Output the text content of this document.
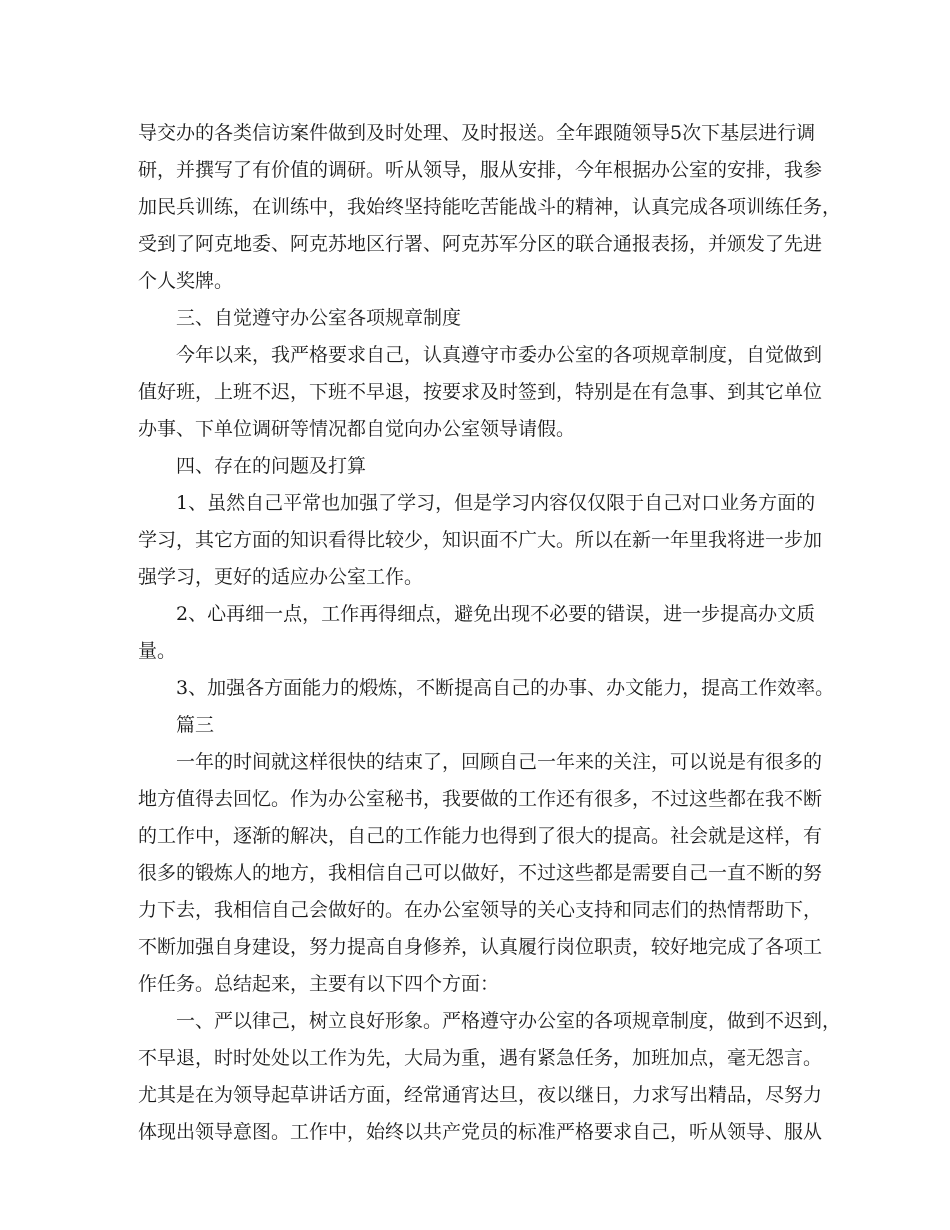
导交办的各类信访案件做到及时处理、及时报送。全年跟随领导5次下基层进行调
研，并撰写了有价值的调研。听从领导，服从安排，今年根据办公室的安排，我参
加民兵训练，在训练中，我始终坚持能吃苦能战斗的精神，认真完成各项训练任务，
受到了阿克地委、阿克苏地区行署、阿克苏军分区的联合通报表扬，并颁发了先进
个人奖牌。
三、自觉遵守办公室各项规章制度
今年以来，我严格要求自己，认真遵守市委办公室的各项规章制度，自觉做到
值好班，上班不迟，下班不早退，按要求及时签到，特别是在有急事、到其它单位
办事、下单位调研等情况都自觉向办公室领导请假。
四、存在的问题及打算
1、虽然自己平常也加强了学习，但是学习内容仅仅限于自己对口业务方面的
学习，其它方面的知识看得比较少，知识面不广大。所以在新一年里我将进一步加
强学习，更好的适应办公室工作。
2、心再细一点，工作再得细点，避免出现不必要的错误，进一步提高办文质
量。
3、加强各方面能力的煅炼，不断提高自己的办事、办文能力，提高工作效率。
篇三
一年的时间就这样很快的结束了，回顾自己一年来的关注，可以说是有很多的
地方值得去回忆。作为办公室秘书，我要做的工作还有很多，不过这些都在我不断
的工作中，逐渐的解决，自己的工作能力也得到了很大的提高。社会就是这样，有
很多的锻炼人的地方，我相信自己可以做好，不过这些都是需要自己一直不断的努
力下去，我相信自己会做好的。在办公室领导的关心支持和同志们的热情帮助下，
不断加强自身建设，努力提高自身修养，认真履行岗位职责，较好地完成了各项工
作任务。总结起来，主要有以下四个方面：
一、严以律己，树立良好形象。严格遵守办公室的各项规章制度，做到不迟到，
不早退，时时处处以工作为先，大局为重，遇有紧急任务，加班加点，毫无怨言。
尤其是在为领导起草讲话方面，经常通宵达旦，夜以继日，力求写出精品，尽努力
体现出领导意图。工作中，始终以共产党员的标准严格要求自己，听从领导、服从
